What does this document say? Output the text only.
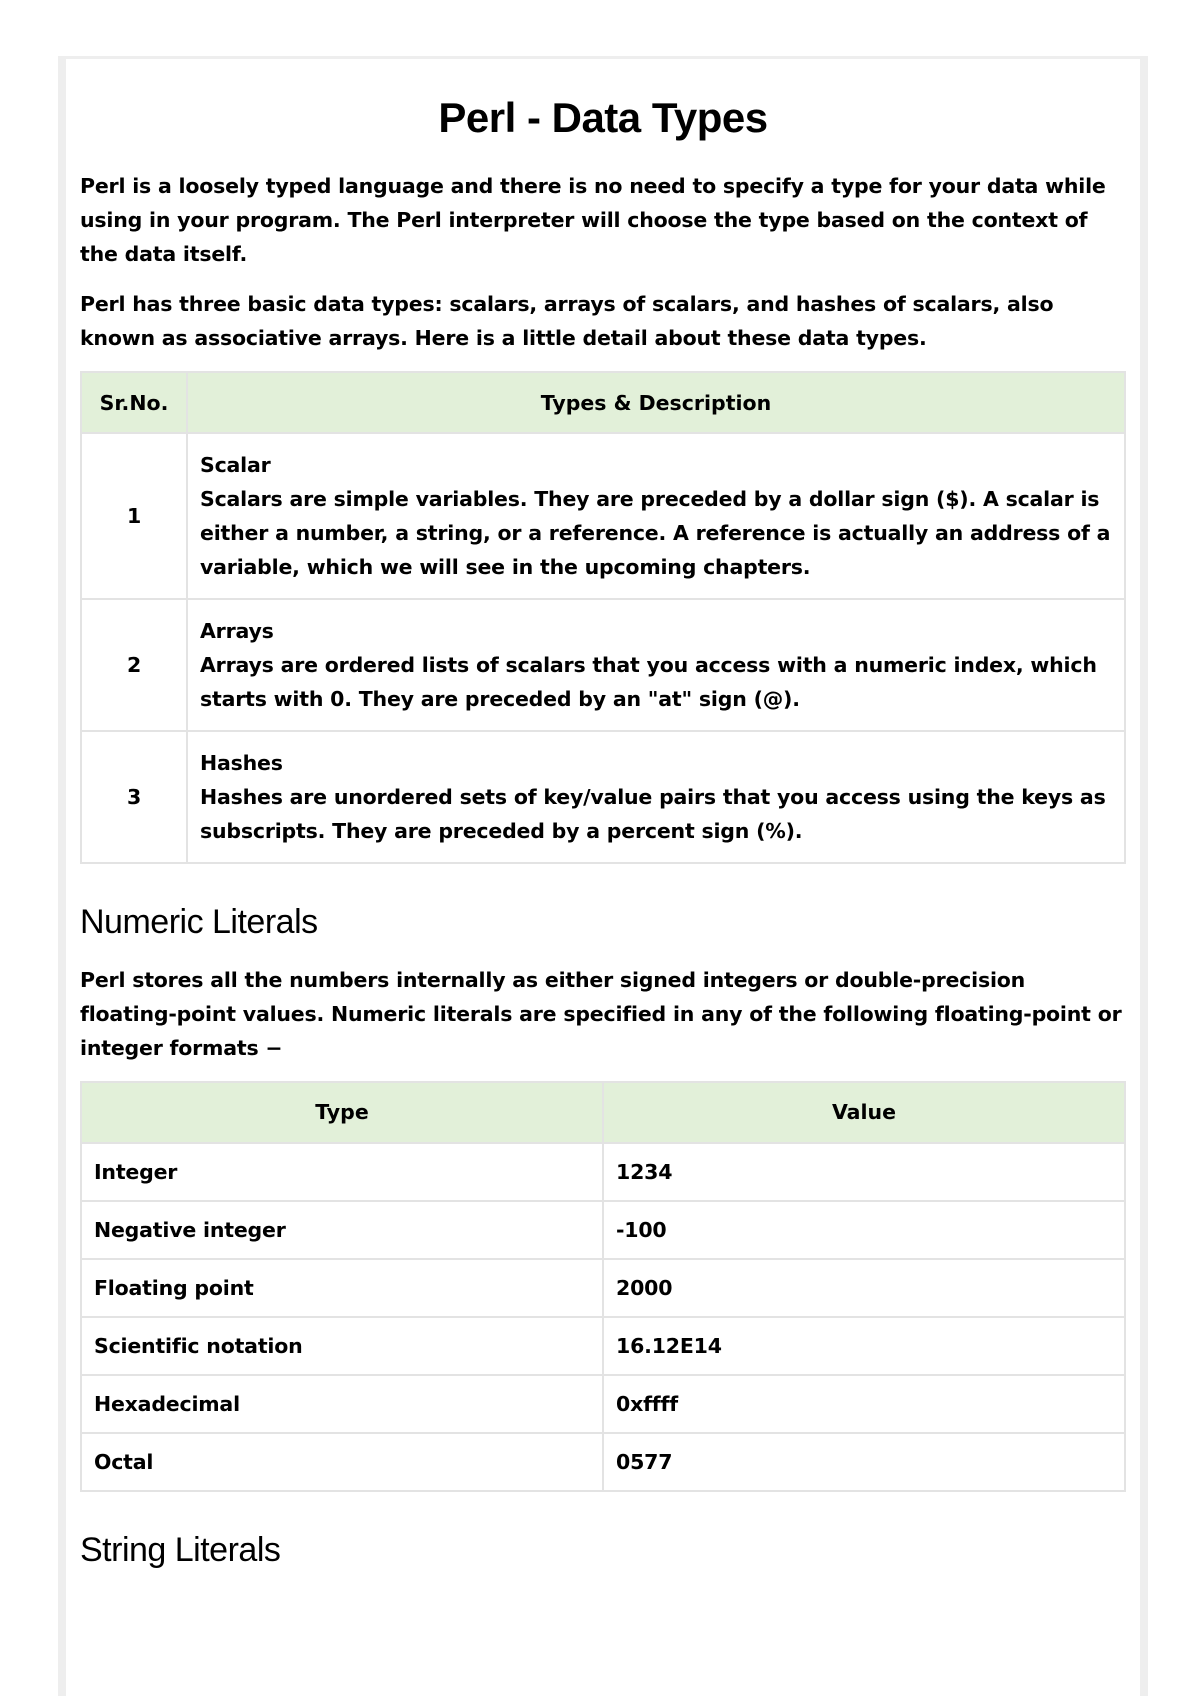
Perl - Data Types

Perl is a loosely typed language and there is no need to specify a type for your data while using in your program. The Perl interpreter will choose the type based on the context of the data itself.

Perl has three basic data types: scalars, arrays of scalars, and hashes of scalars, also known as associative arrays. Here is a little detail about these data types.

Sr.No.	Types & Description
1	Scalar
Scalars are simple variables. They are preceded by a dollar sign ($). A scalar is either a number, a string, or a reference. A reference is actually an address of a variable, which we will see in the upcoming chapters.
2	Arrays
Arrays are ordered lists of scalars that you access with a numeric index, which starts with 0. They are preceded by an "at" sign (@).
3	Hashes
Hashes are unordered sets of key/value pairs that you access using the keys as subscripts. They are preceded by a percent sign (%).
Numeric Literals

Perl stores all the numbers internally as either signed integers or double-precision floating-point values. Numeric literals are specified in any of the following floating-point or integer formats −

Type	Value
Integer	1234
Negative integer	-100
Floating point	2000
Scientific notation	16.12E14
Hexadecimal	0xffff
Octal	0577
String Literals
